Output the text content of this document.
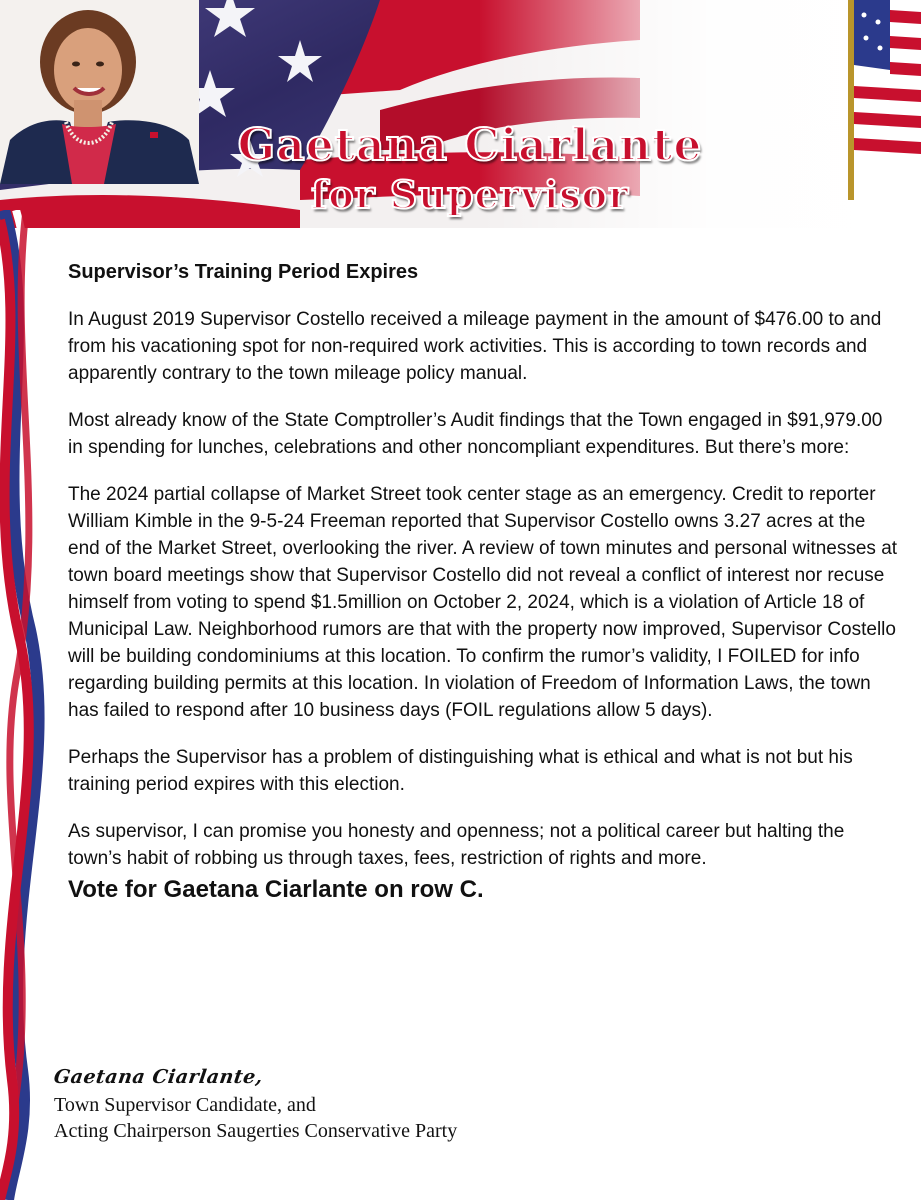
Gaetana Ciarlante
for Supervisor
Supervisor’s Training Period Expires

In August 2019 Supervisor Costello received a mileage payment in the amount of $476.00 to and from his vacationing spot for non-required work activities. This is according to town records and apparently contrary to the town mileage policy manual.

Most already know of the State Comptroller’s Audit findings that the Town engaged in $91,979.00 in spending for lunches, celebrations and other noncompliant expenditures. But there’s more:

The 2024 partial collapse of Market Street took center stage as an emergency. Credit to reporter William Kimble in the 9-5-24 Freeman reported that Supervisor Costello owns 3.27 acres at the end of the Market Street, overlooking the river. A review of town minutes and personal witnesses at town board meetings show that Supervisor Costello did not reveal a conflict of interest nor recuse himself from voting to spend $1.5million on October 2, 2024, which is a violation of Article 18 of Municipal Law. Neighborhood rumors are that with the property now improved, Supervisor Costello will be building condominiums at this location. To confirm the rumor’s validity, I FOILED for info regarding building permits at this location. In violation of Freedom of Information Laws, the town has failed to respond after 10 business days (FOIL regulations allow 5 days).

Perhaps the Supervisor has a problem of distinguishing what is ethical and what is not but his training period expires with this election.

As supervisor, I can promise you honesty and openness; not a political career but halting the town’s habit of robbing us through taxes, fees, restriction of rights and more.

Vote for Gaetana Ciarlante on row C.
Gaetana Ciarlante,
Town Supervisor Candidate, and
Acting Chairperson Saugerties Conservative Party
